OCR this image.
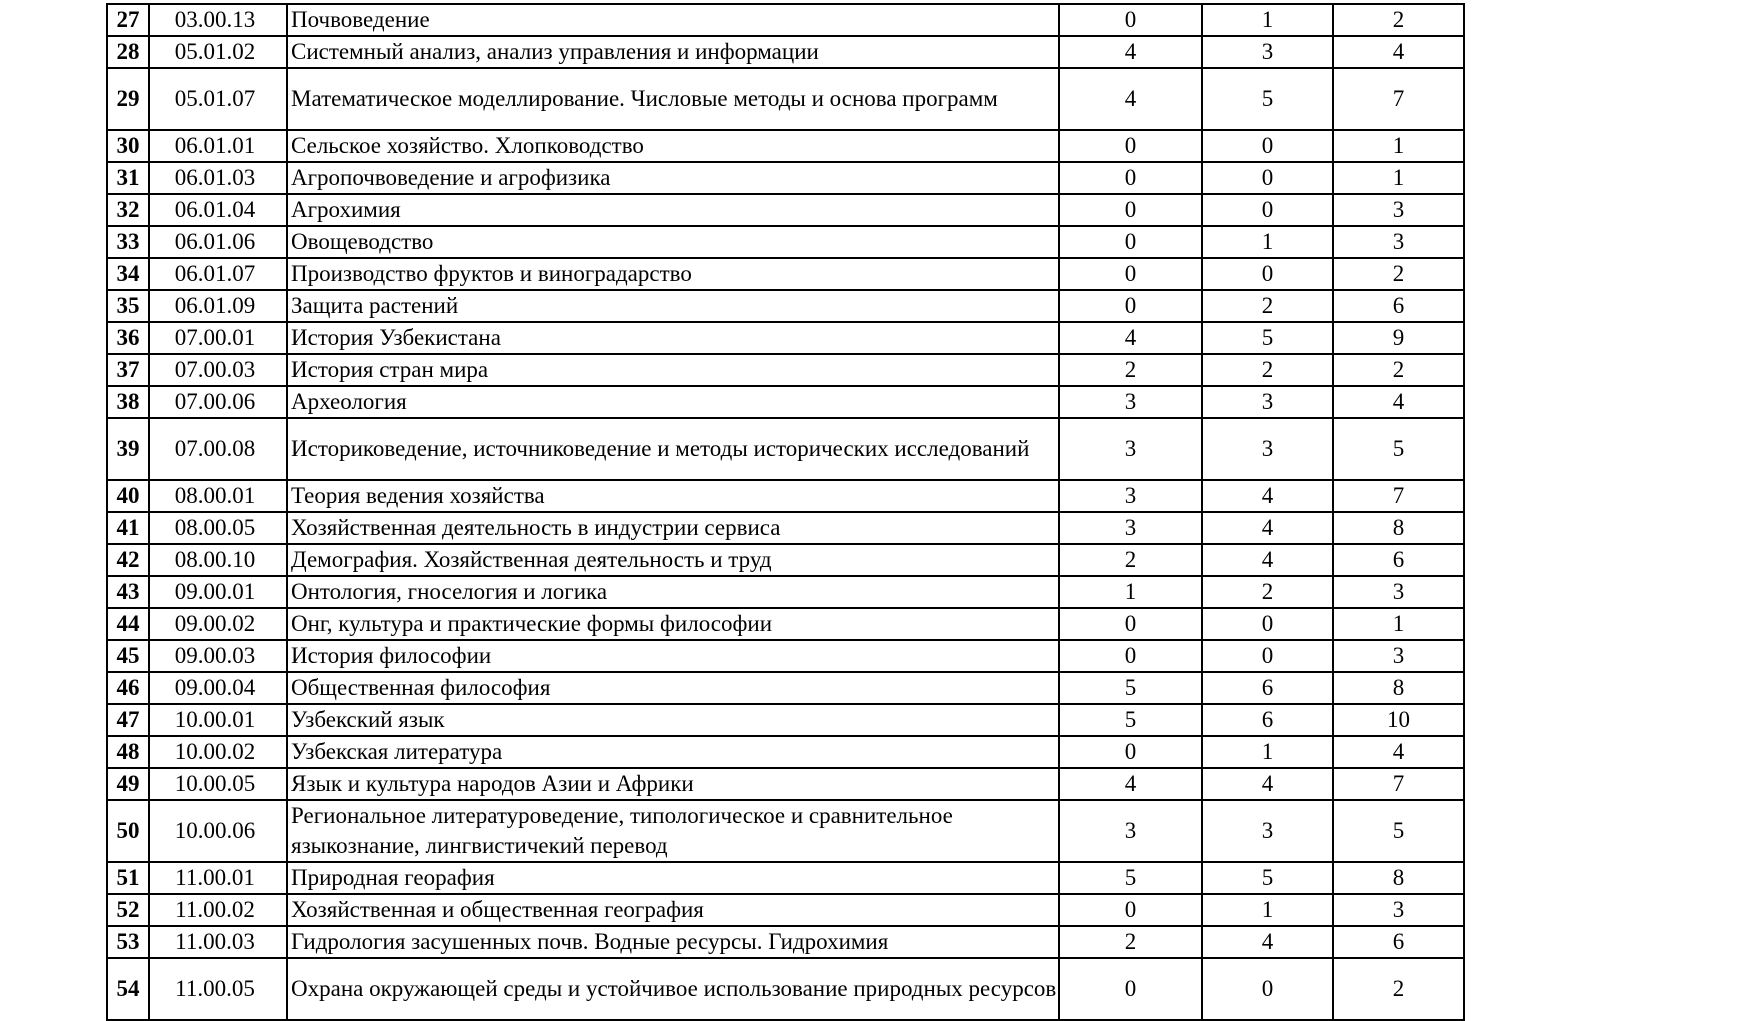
27	03.00.13	Почвоведение	0	1	2
28	05.01.02	Системный анализ, анализ управления и информации	4	3	4
29	05.01.07	Математическое моделлирование. Числовые методы и основа программ	4	5	7
30	06.01.01	Сельское хозяйство. Хлопководство	0	0	1
31	06.01.03	Агропочвоведение и агрофизика	0	0	1
32	06.01.04	Агрохимия	0	0	3
33	06.01.06	Овощеводство	0	1	3
34	06.01.07	Производство фруктов и виноградарство	0	0	2
35	06.01.09	Защита растений	0	2	6
36	07.00.01	История Узбекистана	4	5	9
37	07.00.03	История стран мира	2	2	2
38	07.00.06	Археология	3	3	4
39	07.00.08	Историковедение, источниковедение и методы исторических исследований	3	3	5
40	08.00.01	Теория ведения хозяйства	3	4	7
41	08.00.05	Хозяйственная деятельность в индустрии сервиса	3	4	8
42	08.00.10	Демография. Хозяйственная деятельность и труд	2	4	6
43	09.00.01	Онтология, гноселогия и логика	1	2	3
44	09.00.02	Онг, культура и практические формы философии	0	0	1
45	09.00.03	История философии	0	0	3
46	09.00.04	Общественная философия	5	6	8
47	10.00.01	Узбекский язык	5	6	10
48	10.00.02	Узбекская литература	0	1	4
49	10.00.05	Язык и культура народов Азии и Африки	4	4	7
50	10.00.06	Региональное литературоведение, типологическое и сравнительное языкознание, лингвистичекий перевод	3	3	5
51	11.00.01	Природная георафия	5	5	8
52	11.00.02	Хозяйственная и общественная география	0	1	3
53	11.00.03	Гидрология засушенных почв. Водные ресурсы. Гидрохимия	2	4	6
54	11.00.05	Охрана окружающей среды и устойчивое использование природных ресурсов	0	0	2
